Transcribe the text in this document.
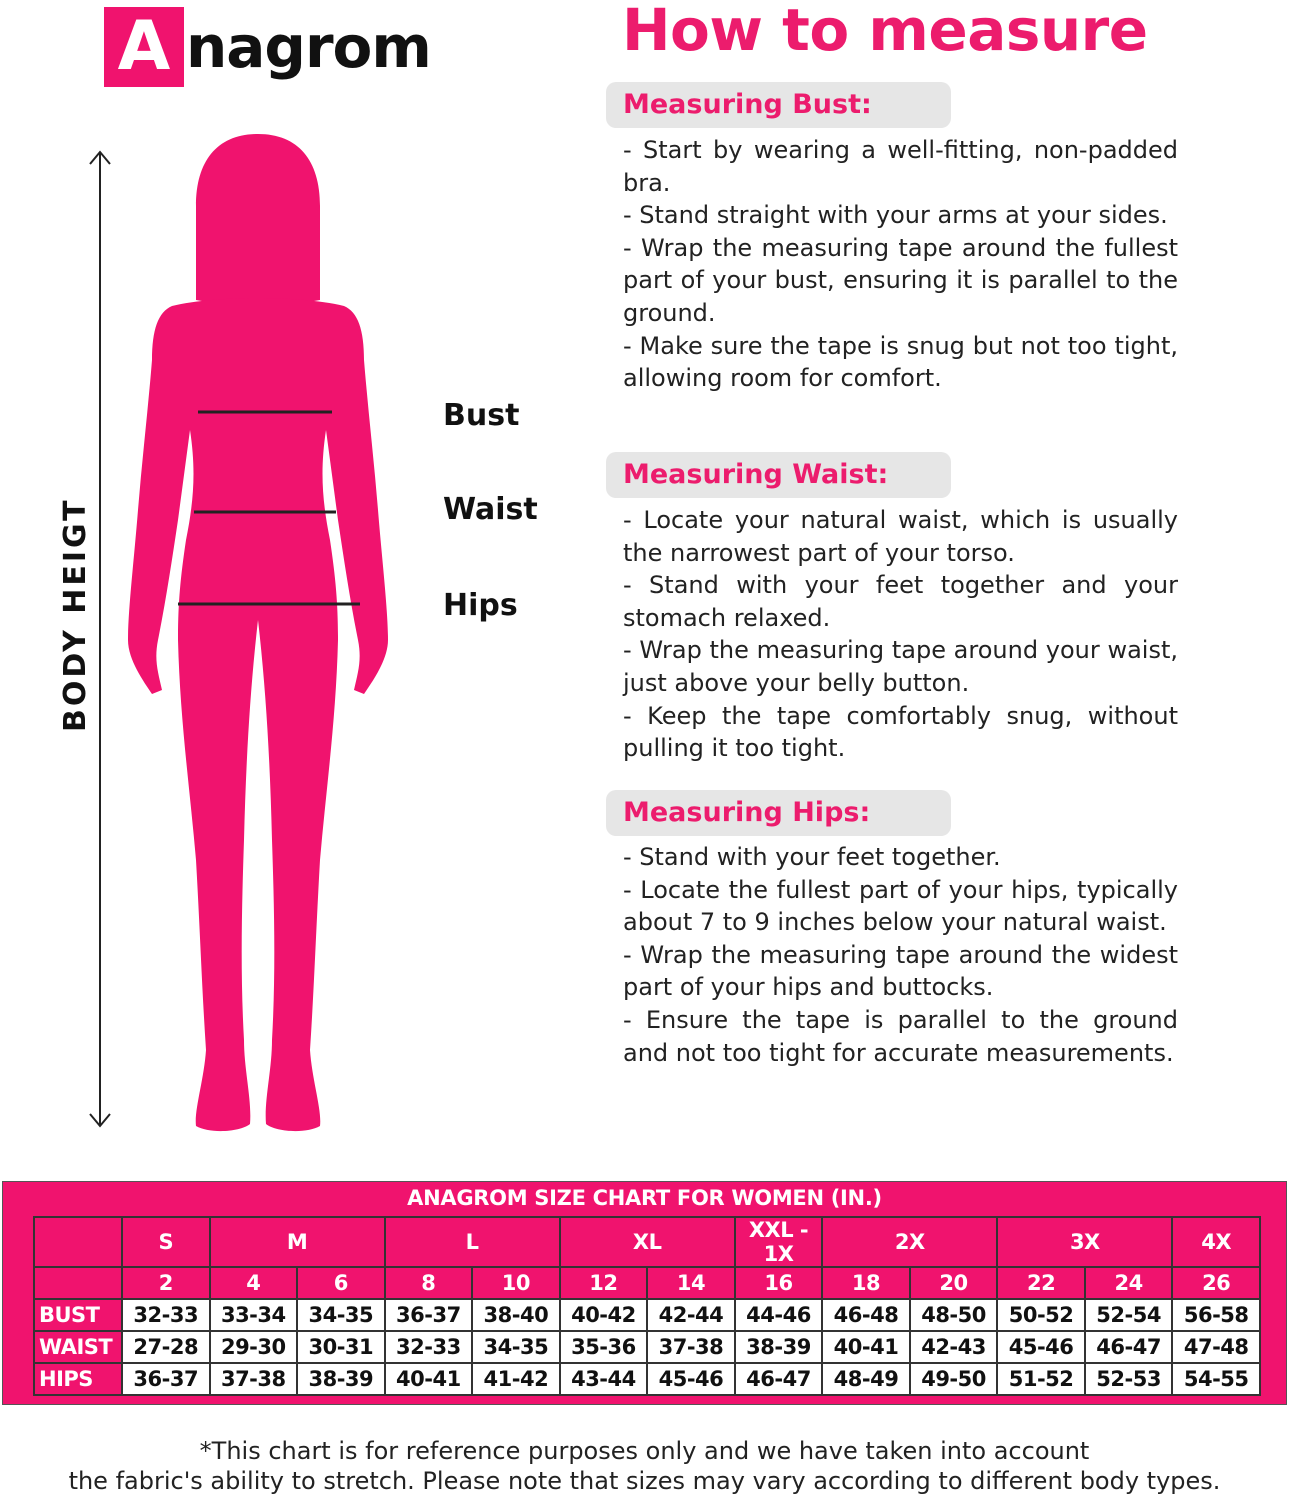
A nagrom
BODY HEIGT
Bust
Waist
Hips
How to measure
Measuring Bust:

- Start by wearing a well-fitting, non-padded bra.

- Stand straight with your arms at your sides.

- Wrap the measuring tape around the fullest part of your bust, ensuring it is parallel to the ground.

- Make sure the tape is snug but not too tight, allowing room for comfort.

Measuring Waist:

- Locate your natural waist, which is usually the narrowest part of your torso.

- Stand with your feet together and your stomach relaxed.

- Wrap the measuring tape around your waist, just above your belly button.

- Keep the tape comfortably snug, without pulling it too tight.

Measuring Hips:

- Stand with your feet together.

- Locate the fullest part of your hips, typically about 7 to 9 inches below your natural waist.

- Wrap the measuring tape around the widest part of your hips and buttocks.

- Ensure the tape is parallel to the ground and not too tight for accurate measurements.

ANAGROM SIZE CHART FOR WOMEN (IN.)
	S	M		L		XL		XXL - 1X	2X		3X		4X
	2	4	6	8	10	12	14	16	18	20	22	24	26
BUST	32-33	33-34	34-35	36-37	38-40	40-42	42-44	44-46	46-48	48-50	50-52	52-54	56-58
WAIST	27-28	29-30	30-31	32-33	34-35	35-36	37-38	38-39	40-41	42-43	45-46	46-47	47-48
HIPS	36-37	37-38	38-39	40-41	41-42	43-44	45-46	46-47	48-49	49-50	51-52	52-53	54-55
*This chart is for reference purposes only and we have taken into account
the fabric's ability to stretch. Please note that sizes may vary according to different body types.
